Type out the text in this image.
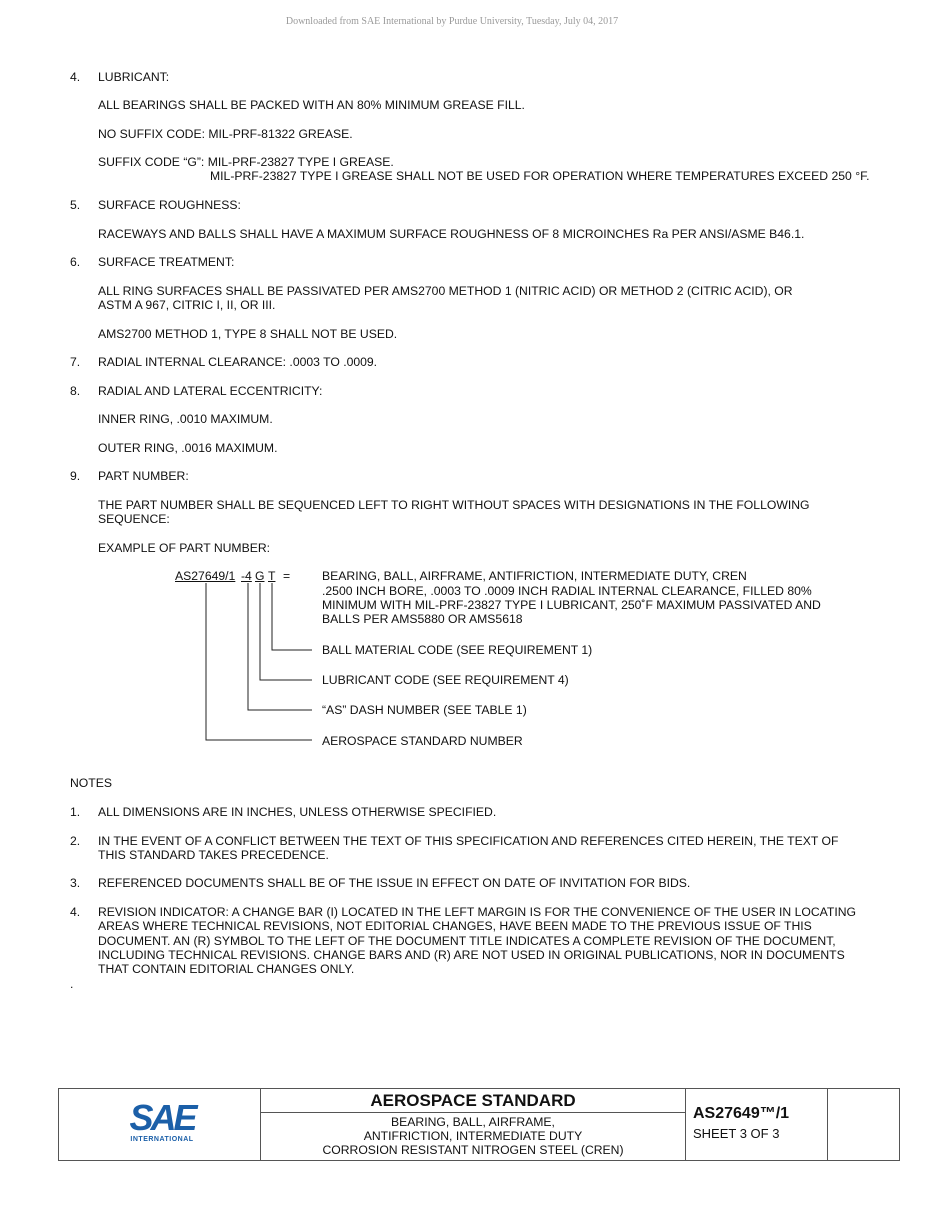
Downloaded from SAE International by Purdue University, Tuesday, July 04, 2017
4. LUBRICANT:
ALL BEARINGS SHALL BE PACKED WITH AN 80% MINIMUM GREASE FILL.
NO SUFFIX CODE: MIL-PRF-81322 GREASE.
SUFFIX CODE “G”: MIL-PRF-23827 TYPE I GREASE.
MIL-PRF-23827 TYPE I GREASE SHALL NOT BE USED FOR OPERATION WHERE TEMPERATURES EXCEED 250 °F.
5. SURFACE ROUGHNESS:
RACEWAYS AND BALLS SHALL HAVE A MAXIMUM SURFACE ROUGHNESS OF 8 MICROINCHES Ra PER ANSI/ASME B46.1.
6. SURFACE TREATMENT:
ALL RING SURFACES SHALL BE PASSIVATED PER AMS2700 METHOD 1 (NITRIC ACID) OR METHOD 2 (CITRIC ACID), OR
ASTM A 967, CITRIC I, II, OR III.
AMS2700 METHOD 1, TYPE 8 SHALL NOT BE USED.
7. RADIAL INTERNAL CLEARANCE: .0003 TO .0009.
8. RADIAL AND LATERAL ECCENTRICITY:
INNER RING, .0010 MAXIMUM.
OUTER RING, .0016 MAXIMUM.
9. PART NUMBER:
THE PART NUMBER SHALL BE SEQUENCED LEFT TO RIGHT WITHOUT SPACES WITH DESIGNATIONS IN THE FOLLOWING
SEQUENCE:
EXAMPLE OF PART NUMBER:
AS27649/1 -4 G T =	BEARING, BALL, AIRFRAME, ANTIFRICTION, INTERMEDIATE DUTY, CREN
.2500 INCH BORE, .0003 TO .0009 INCH RADIAL INTERNAL CLEARANCE, FILLED 80%
MINIMUM WITH MIL-PRF-23827 TYPE I LUBRICANT, 250˚F MAXIMUM PASSIVATED AND
BALLS PER AMS5880 OR AMS5618
BALL MATERIAL CODE (SEE REQUIREMENT 1)
LUBRICANT CODE (SEE REQUIREMENT 4)
“AS” DASH NUMBER (SEE TABLE 1)
AEROSPACE STANDARD NUMBER
NOTES
1. ALL DIMENSIONS ARE IN INCHES, UNLESS OTHERWISE SPECIFIED.
2. IN THE EVENT OF A CONFLICT BETWEEN THE TEXT OF THIS SPECIFICATION AND REFERENCES CITED HEREIN, THE TEXT OF
THIS STANDARD TAKES PRECEDENCE.
3. REFERENCED DOCUMENTS SHALL BE OF THE ISSUE IN EFFECT ON DATE OF INVITATION FOR BIDS.
4. REVISION INDICATOR: A CHANGE BAR (I) LOCATED IN THE LEFT MARGIN IS FOR THE CONVENIENCE OF THE USER IN LOCATING
AREAS WHERE TECHNICAL REVISIONS, NOT EDITORIAL CHANGES, HAVE BEEN MADE TO THE PREVIOUS ISSUE OF THIS
DOCUMENT. AN (R) SYMBOL TO THE LEFT OF THE DOCUMENT TITLE INDICATES A COMPLETE REVISION OF THE DOCUMENT,
INCLUDING TECHNICAL REVISIONS. CHANGE BARS AND (R) ARE NOT USED IN ORIGINAL PUBLICATIONS, NOR IN DOCUMENTS
THAT CONTAIN EDITORIAL CHANGES ONLY.
.
SAE
INTERNATIONAL
AEROSPACE STANDARD
BEARING, BALL, AIRFRAME,
ANTIFRICTION, INTERMEDIATE DUTY
CORROSION RESISTANT NITROGEN STEEL (CREN)
AS27649™/1
SHEET 3 OF 3
